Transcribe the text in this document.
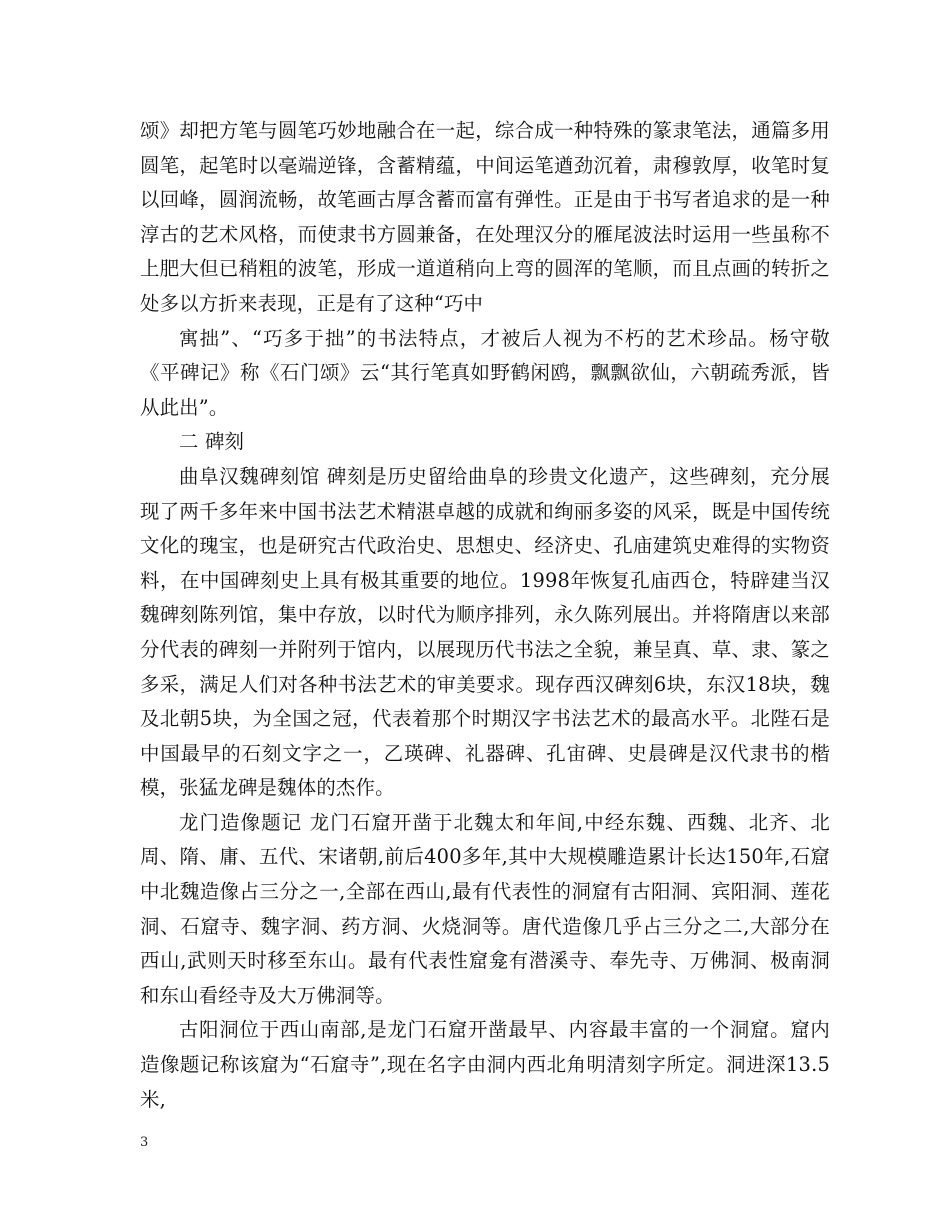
颂》却把方笔与圆笔巧妙地融合在一起，综合成一种特殊的篆隶笔法，通篇多用圆笔，起笔时以毫端逆锋，含蓄精蕴，中间运笔遒劲沉着，肃穆敦厚，收笔时复以回峰，圆润流畅，故笔画古厚含蓄而富有弹性。正是由于书写者追求的是一种淳古的艺术风格，而使隶书方圆兼备，在处理汉分的雁尾波法时运用一些虽称不上肥大但已稍粗的波笔，形成一道道稍向上弯的圆浑的笔顺，而且点画的转折之处多以方折来表现，正是有了这种“巧中

寓拙”、“巧多于拙”的书法特点，才被后人视为不朽的艺术珍品。杨守敬《平碑记》称《石门颂》云“其行笔真如野鹤闲鸥，飘飘欲仙，六朝疏秀派，皆从此出”。

二 碑刻

曲阜汉魏碑刻馆 碑刻是历史留给曲阜的珍贵文化遗产，这些碑刻，充分展现了两千多年来中国书法艺术精湛卓越的成就和绚丽多姿的风采，既是中国传统文化的瑰宝，也是研究古代政治史、思想史、经济史、孔庙建筑史难得的实物资料，在中国碑刻史上具有极其重要的地位。1998年恢复孔庙西仓，特辟建当汉魏碑刻陈列馆，集中存放，以时代为顺序排列，永久陈列展出。并将隋唐以来部分代表的碑刻一并附列于馆内，以展现历代书法之全貌，兼呈真、草、隶、篆之多采，满足人们对各种书法艺术的审美要求。现存西汉碑刻6块，东汉18块，魏及北朝5块，为全国之冠，代表着那个时期汉字书法艺术的最高水平。北陛石是中国最早的石刻文字之一，乙瑛碑、礼器碑、孔宙碑、史晨碑是汉代隶书的楷模，张猛龙碑是魏体的杰作。

龙门造像题记 龙门石窟开凿于北魏太和年间,中经东魏、西魏、北齐、北周、隋、庸、五代、宋诸朝,前后400多年,其中大规模雕造累计长达150年,石窟中北魏造像占三分之一,全部在西山,最有代表性的洞窟有古阳洞、宾阳洞、莲花洞、石窟寺、魏字洞、药方洞、火烧洞等。唐代造像几乎占三分之二,大部分在西山,武则天时移至东山。最有代表性窟龛有潜溪寺、奉先寺、万佛洞、极南洞和东山看经寺及大万佛洞等。

古阳洞位于西山南部,是龙门石窟开凿最早、内容最丰富的一个洞窟。窟内造像题记称该窟为“石窟寺”,现在名字由洞内西北角明清刻字所定。洞进深13.5米,

3
